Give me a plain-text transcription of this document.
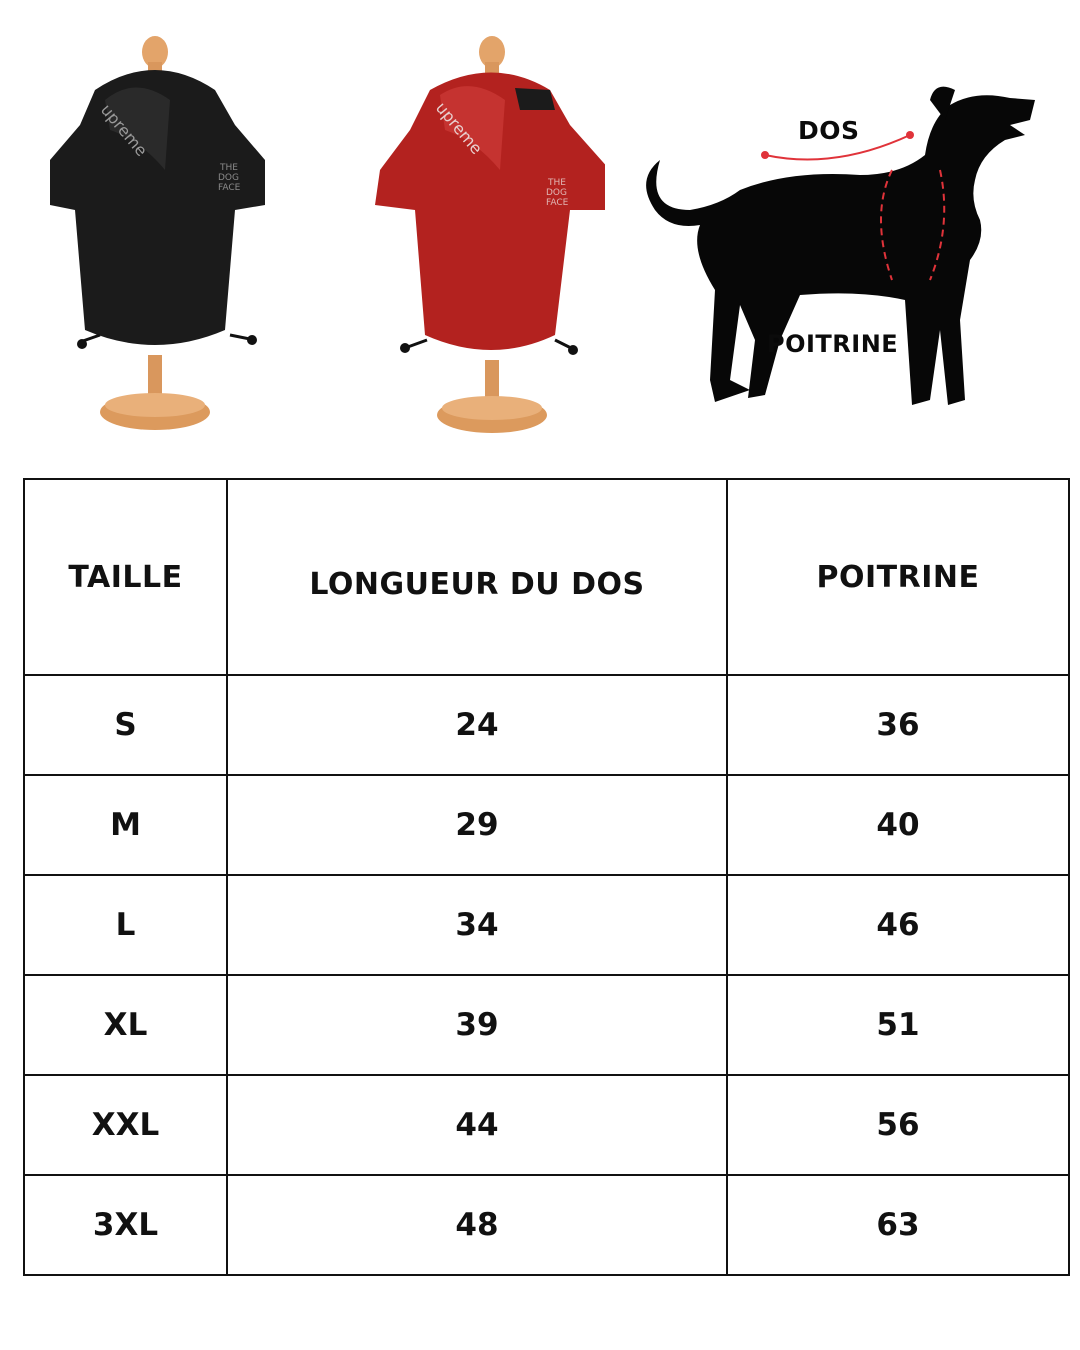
upreme
THE
DOG
FACE
upreme
THE
DOG
FACE
DOS
POITRINE
TAILLE	LONGUEUR DU DOS	POITRINE
S	24	36
M	29	40
L	34	46
XL	39	51
XXL	44	56
3XL	48	63
